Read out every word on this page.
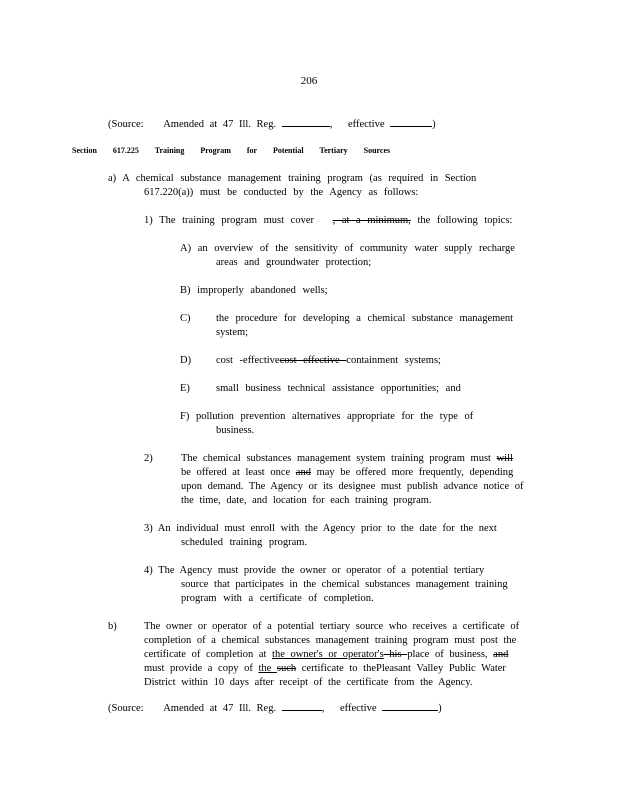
206
(Source: Amended at 47 Ill. Reg.	, effective	)
Section 617.225 Training Program for Potential Tertiary Sources
a) A chemical substance management training program (as required in Section
617.220(a)) must be conducted by the Agency as follows:
1) The training program must cover , at a minimum, the following topics:
A) an overview of the sensitivity of community water supply recharge
areas and groundwater protection;
B) improperly abandoned wells;
C) the procedure for developing a chemical substance management
system;
D) cost -effectivecost effective containment systems;
E) small business technical assistance opportunities; and
F) pollution prevention alternatives appropriate for the type of
business.
2)	The chemical substances management system training program must will
be offered at least once and may be offered more frequently, depending
upon demand. The Agency or its designee must publish advance notice of
the time, date, and location for each training program.
3) An individual must enroll with the Agency prior to the date for the next
scheduled training program.
4) The Agency must provide the owner or operator of a potential tertiary
source that participates in the chemical substances management training
program with a certificate of completion.
b)	The owner or operator of a potential tertiary source who receives a certificate of
completion of a chemical substances management training program must post the
certificate of completion at the owner's or operator's his place of business, and
must provide a copy of the such certificate to thePleasant Valley Public Water
District within 10 days after receipt of the certificate from the Agency.
(Source: Amended at 47 Ill. Reg.	, effective	)
